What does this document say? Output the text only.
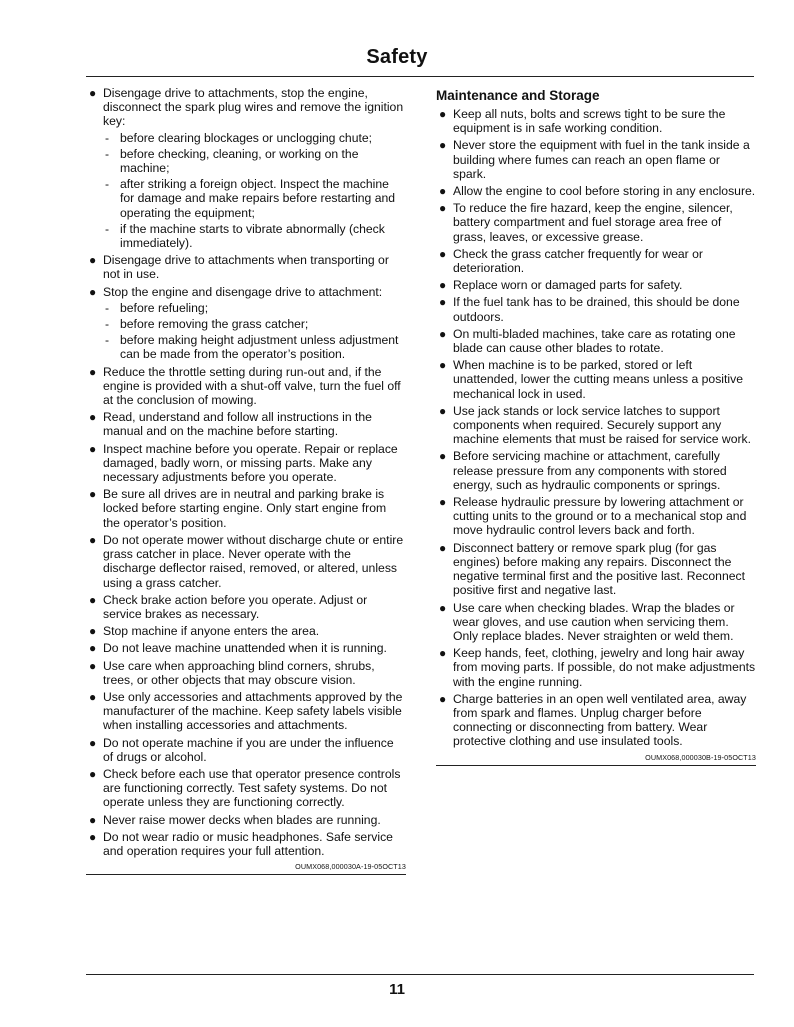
Safety
● Disengage drive to attachments, stop the engine, disconnect the spark plug wires and remove the ignition key:
- before clearing blockages or unclogging chute;
- before checking, cleaning, or working on the machine;
- after striking a foreign object. Inspect the machine for damage and make repairs before restarting and operating the equipment;
- if the machine starts to vibrate abnormally (check immediately).
● Disengage drive to attachments when transporting or not in use.
● Stop the engine and disengage drive to attachment:
- before refueling;
- before removing the grass catcher;
- before making height adjustment unless adjustment can be made from the operator’s position.
● Reduce the throttle setting during run-out and, if the engine is provided with a shut-off valve, turn the fuel off at the conclusion of mowing.
● Read, understand and follow all instructions in the manual and on the machine before starting.
● Inspect machine before you operate. Repair or replace damaged, badly worn, or missing parts. Make any necessary adjustments before you operate.
● Be sure all drives are in neutral and parking brake is locked before starting engine. Only start engine from the operator’s position.
● Do not operate mower without discharge chute or entire grass catcher in place. Never operate with the discharge deflector raised, removed, or altered, unless using a grass catcher.
● Check brake action before you operate. Adjust or service brakes as necessary.
● Stop machine if anyone enters the area.
● Do not leave machine unattended when it is running.
● Use care when approaching blind corners, shrubs, trees, or other objects that may obscure vision.
● Use only accessories and attachments approved by the manufacturer of the machine. Keep safety labels visible when installing accessories and attachments.
● Do not operate machine if you are under the influence of drugs or alcohol.
● Check before each use that operator presence controls are functioning correctly. Test safety systems. Do not operate unless they are functioning correctly.
● Never raise mower decks when blades are running.
● Do not wear radio or music headphones. Safe service and operation requires your full attention.
OUMX068,000030A-19-05OCT13
Maintenance and Storage
● Keep all nuts, bolts and screws tight to be sure the equipment is in safe working condition.
● Never store the equipment with fuel in the tank inside a building where fumes can reach an open flame or spark.
● Allow the engine to cool before storing in any enclosure.
● To reduce the fire hazard, keep the engine, silencer, battery compartment and fuel storage area free of grass, leaves, or excessive grease.
● Check the grass catcher frequently for wear or deterioration.
● Replace worn or damaged parts for safety.
● If the fuel tank has to be drained, this should be done outdoors.
● On multi-bladed machines, take care as rotating one blade can cause other blades to rotate.
● When machine is to be parked, stored or left unattended, lower the cutting means unless a positive mechanical lock in used.
● Use jack stands or lock service latches to support components when required. Securely support any machine elements that must be raised for service work.
● Before servicing machine or attachment, carefully release pressure from any components with stored energy, such as hydraulic components or springs.
● Release hydraulic pressure by lowering attachment or cutting units to the ground or to a mechanical stop and move hydraulic control levers back and forth.
● Disconnect battery or remove spark plug (for gas engines) before making any repairs. Disconnect the negative terminal first and the positive last. Reconnect positive first and negative last.
● Use care when checking blades. Wrap the blades or wear gloves, and use caution when servicing them. Only replace blades. Never straighten or weld them.
● Keep hands, feet, clothing, jewelry and long hair away from moving parts. If possible, do not make adjustments with the engine running.
● Charge batteries in an open well ventilated area, away from spark and flames. Unplug charger before connecting or disconnecting from battery. Wear protective clothing and use insulated tools.
OUMX068,000030B-19-05OCT13
11
